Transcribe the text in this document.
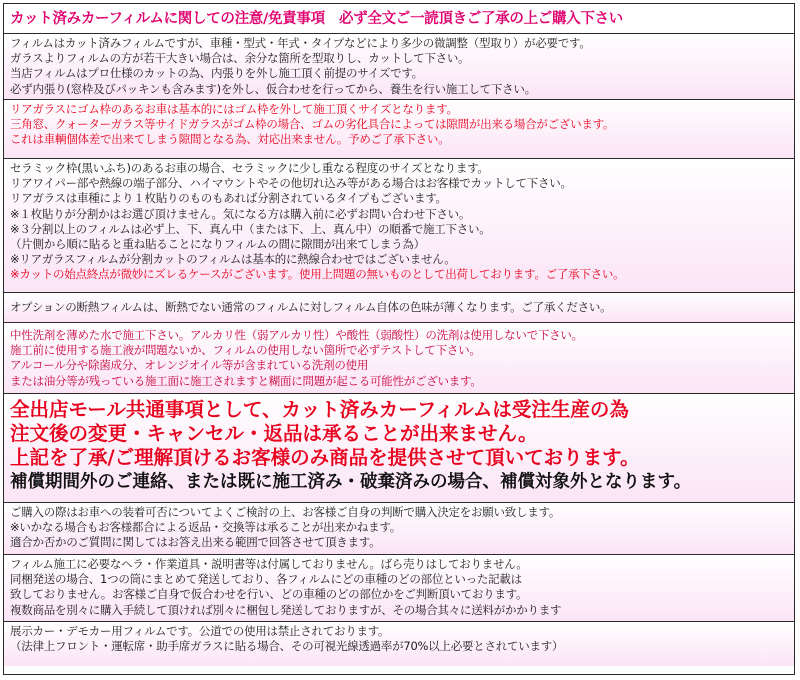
カット済みカーフィルムに関しての注意/免責事項　必ず全文ご一読頂きご了承の上ご購入下さい
フィルムはカット済みフィルムですが、車種・型式・年式・タイプなどにより多少の微調整（型取り）が必要です。
ガラスよりフィルムの方が若干大きい場合は、余分な箇所を型取りし、カットして下さい。
当店フィルムはプロ仕様のカットの為、内張りを外し施工頂く前提のサイズです。
必ず内張り(窓枠及びパッキンも含みます)を外し、仮合わせを行ってから、養生を行い施工して下さい。
リアガラスにゴム枠のあるお車は基本的にはゴム枠を外して施工頂くサイズとなります。
三角窓、クォーターガラス等サイドガラスがゴム枠の場合、ゴムの劣化具合によっては隙間が出来る場合がございます。
これは車輌個体差で出来てしまう隙間となる為、対応出来ません。予めご了承下さい。
セラミック枠(黒いふち)のあるお車の場合、セラミックに少し重なる程度のサイズとなります。
リアワイパー部や熱線の端子部分、ハイマウントやその他切れ込み等がある場合はお客様でカットして下さい。
リアガラスは車種により１枚貼りのものもあれば分割されているタイプもございます。
※１枚貼りが分割かはお選び頂けません。気になる方は購入前に必ずお問い合わせ下さい。
※３分割以上のフィルムは必ず上、下、真ん中（または下、上、真ん中）の順番で施工下さい。
（片側から順に貼ると重ね貼ることになりフィルムの間に隙間が出来てしまう為）
※リアガラスフィルムが分割カットのフィルムは基本的に熱線合わせではございません。
※カットの始点終点が微妙にズレるケースがございます。使用上問題の無いものとして出荷しております。ご了承下さい。
オプションの断熱フィルムは、断熱でない通常のフィルムに対しフィルム自体の色味が薄くなります。ご了承ください。
中性洗剤を薄めた水で施工下さい。アルカリ性（弱アルカリ性）や酸性（弱酸性）の洗剤は使用しないで下さい。
施工前に使用する施工液が問題ないか、フィルムの使用しない箇所で必ずテストして下さい。
アルコール分や除菌成分、オレンジオイル等が含まれている洗剤の使用
または油分等が残っている施工面に施工されますと糊面に問題が起こる可能性がございます。
全出店モール共通事項として、カット済みカーフィルムは受注生産の為
注文後の変更・キャンセル・返品は承ることが出来ません。
上記を了承/ご理解頂けるお客様のみ商品を提供させて頂いております。
補償期間外のご連絡、または既に施工済み・破棄済みの場合、補償対象外となります。
ご購入の際はお車への装着可否についてよくご検討の上、お客様ご自身の判断で購入決定をお願い致します。
※いかなる場合もお客様都合による返品・交換等は承ることが出来かねます。
適合か否かのご質問に関してはお答え出来る範囲で回答させて頂きます。
フィルム施工に必要なヘラ・作業道具・説明書等は付属しておりません。ばら売りはしておりません。
同梱発送の場合、1つの筒にまとめて発送しており、各フィルムにどの車種のどの部位といった記載は
致しておりません。お客様ご自身で仮合わせを行い、どの車種のどの部位かをご判断頂いております。
複数商品を別々に購入手続して頂ければ別々に梱包し発送しておりますが、その場合其々に送料がかかります
展示カー・デモカー用フィルムです。公道での使用は禁止されております。
（法律上フロント・運転席・助手席ガラスに貼る場合、その可視光線透過率が70%以上必要とされています）
